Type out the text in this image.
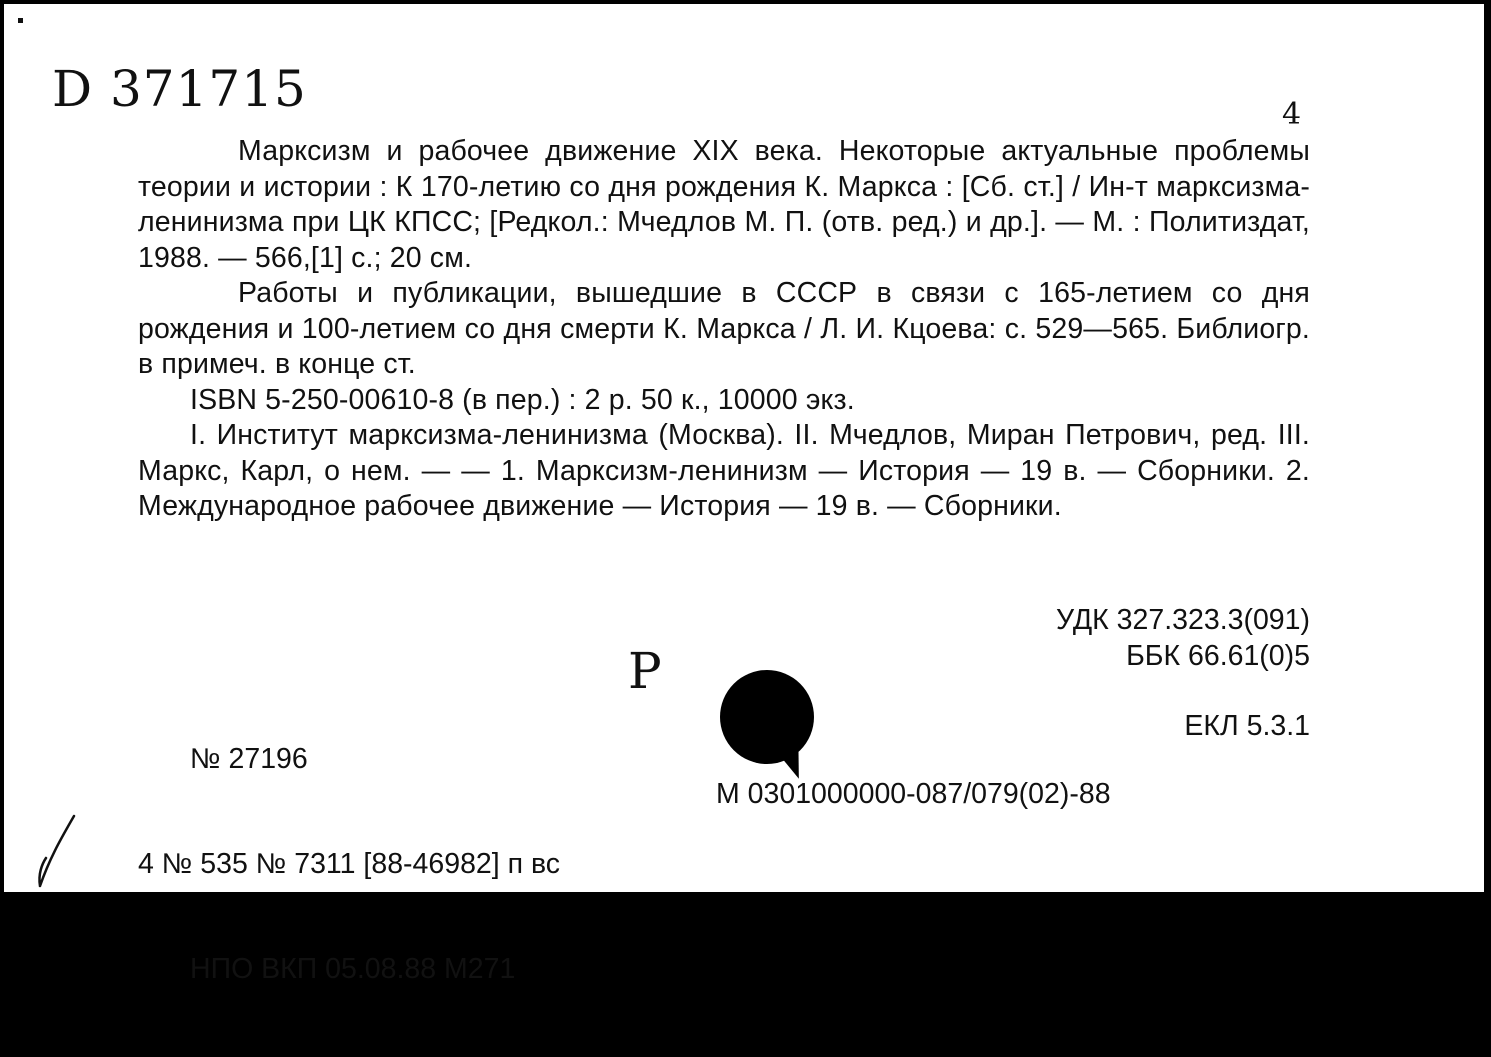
D 371715	4

Марксизм и рабочее движение XIX века. Некоторые актуальные проблемы теории и истории : К 170-летию со дня рождения К. Маркса : [Сб. ст.] / Ин-т марксизма-ленинизма при ЦК КПСС; [Редкол.: Мчедлов М. П. (отв. ред.) и др.]. — М. : Политиздат, 1988. — 566,[1] с.; 20 см.

Работы и публикации, вышедшие в СССР в связи с 165-летием со дня рождения и 100-летием со дня смерти К. Маркса / Л. И. Кцоева: с. 529—565. Библиогр. в примеч. в конце ст.

ISBN 5-250-00610-8 (в пер.) : 2 р. 50 к., 10000 экз.

I. Институт марксизма-ленинизма (Москва). II. Мчедлов, Миран Петрович, ред. III. Маркс, Карл, о нем. — — 1. Марксизм-ленинизм — История — 19 в. — Сборники. 2. Международное рабочее движение — История — 19 в. — Сборники.

УДК 327.323.3(091)
ББК 66.61(0)5
Р

№ 27196

4 № 535 № 7311 [88-46982] п вс

НПО ВКП 05.08.88 М271

ЕКЛ 5.3.1
М 0301000000-087/079(02)-88
